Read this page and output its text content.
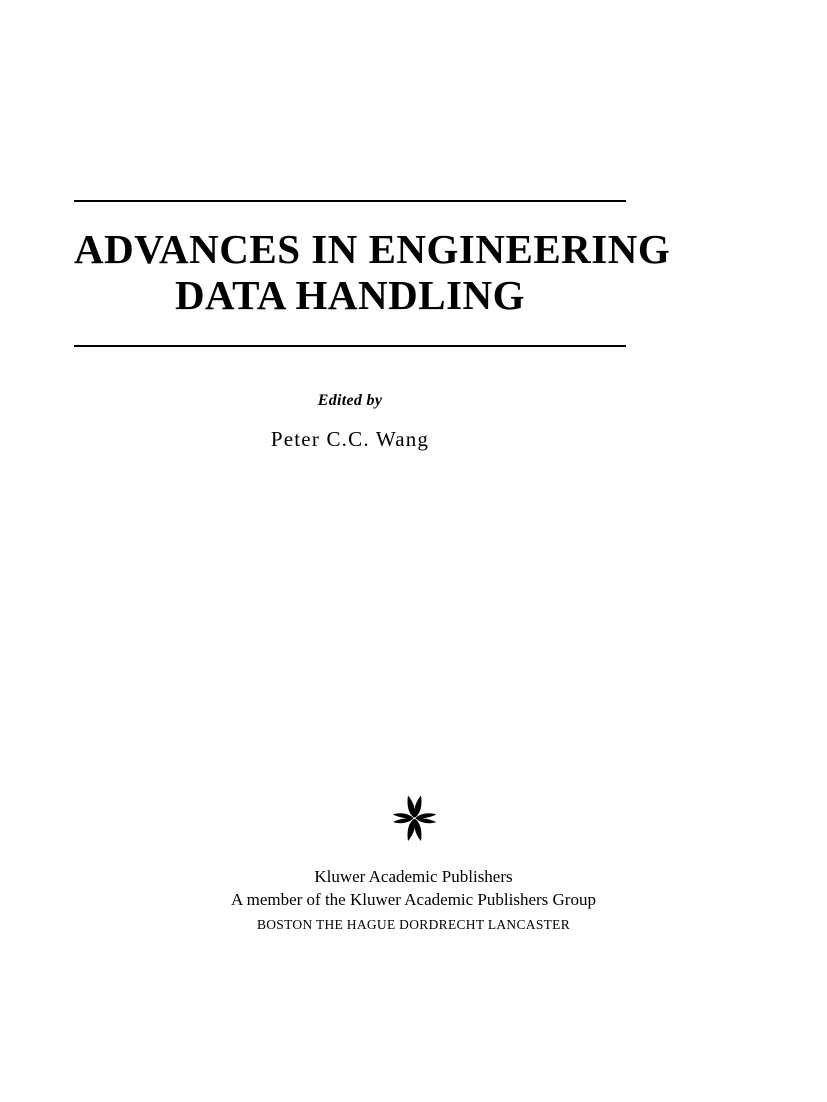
ADVANCES IN ENGINEERING
DATA HANDLING
Edited by
Peter C.C. Wang
Kluwer Academic Publishers
A member of the Kluwer Academic Publishers Group
BOSTON THE HAGUE DORDRECHT LANCASTER
